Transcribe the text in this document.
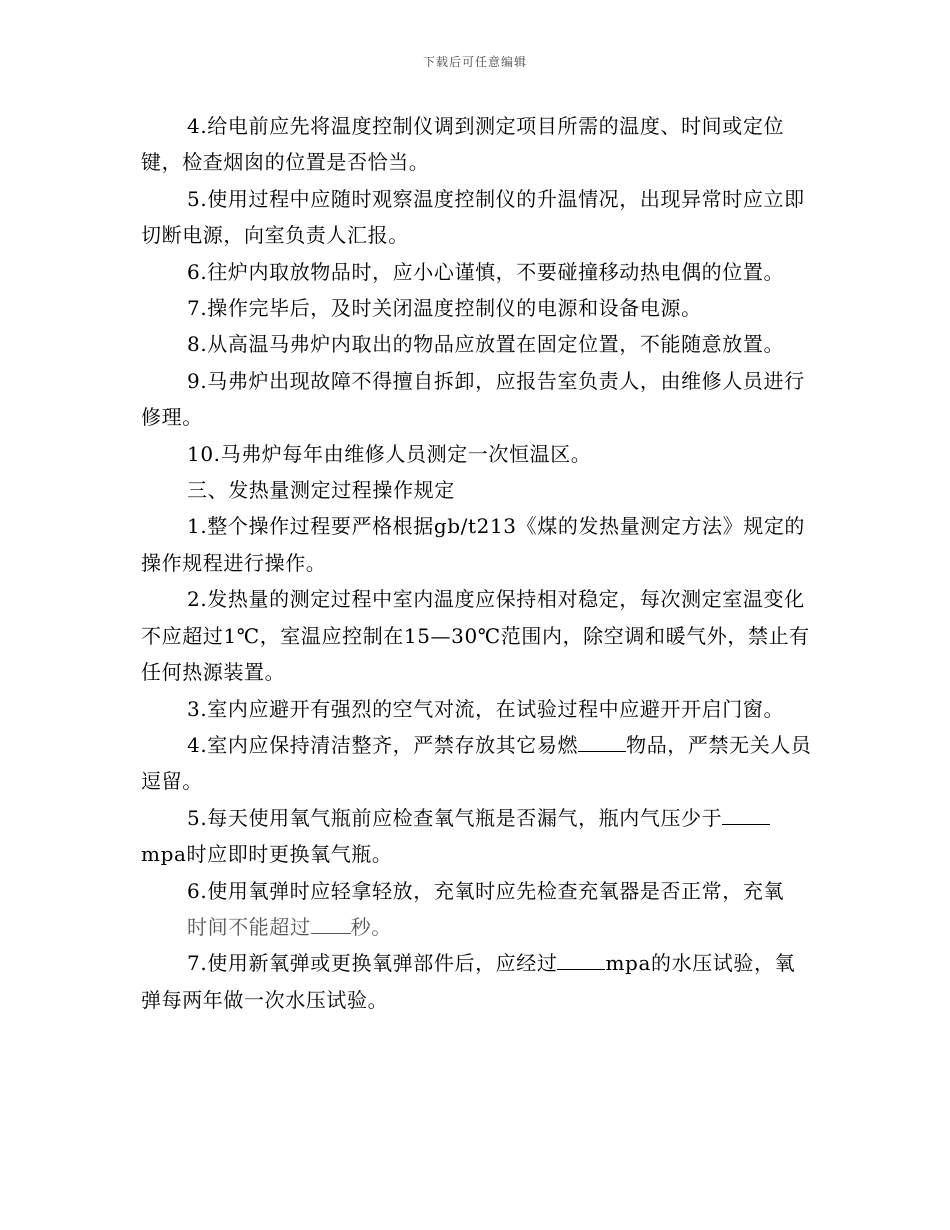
下载后可任意编辑

4.给电前应先将温度控制仪调到测定项目所需的温度、时间或定位键，检查烟囱的位置是否恰当。

5.使用过程中应随时观察温度控制仪的升温情况，出现异常时应立即切断电源，向室负责人汇报。

6.往炉内取放物品时，应小心谨慎，不要碰撞移动热电偶的位置。

7.操作完毕后，及时关闭温度控制仪的电源和设备电源。

8.从高温马弗炉内取出的物品应放置在固定位置，不能随意放置。

9.马弗炉出现故障不得擅自拆卸，应报告室负责人，由维修人员进行修理。

10.马弗炉每年由维修人员测定一次恒温区。

三、发热量测定过程操作规定

1.整个操作过程要严格根据gb/t213《煤的发热量测定方法》规定的操作规程进行操作。

2.发热量的测定过程中室内温度应保持相对稳定，每次测定室温变化不应超过1℃，室温应控制在15—30℃范围内，除空调和暖气外，禁止有任何热源装置。

3.室内应避开有强烈的空气对流，在试验过程中应避开开启门窗。

4.室内应保持清洁整齐，严禁存放其它易燃 物品，严禁无关人员逗留。

5.每天使用氧气瓶前应检查氧气瓶是否漏气，瓶内气压少于mpa时应即时更换氧气瓶。

6.使用氧弹时应轻拿轻放，充氧时应先检查充氧器是否正常，充氧

时间不能超过 秒。

7.使用新氧弹或更换氧弹部件后，应经过 mpa的水压试验，氧弹每两年做一次水压试验。
